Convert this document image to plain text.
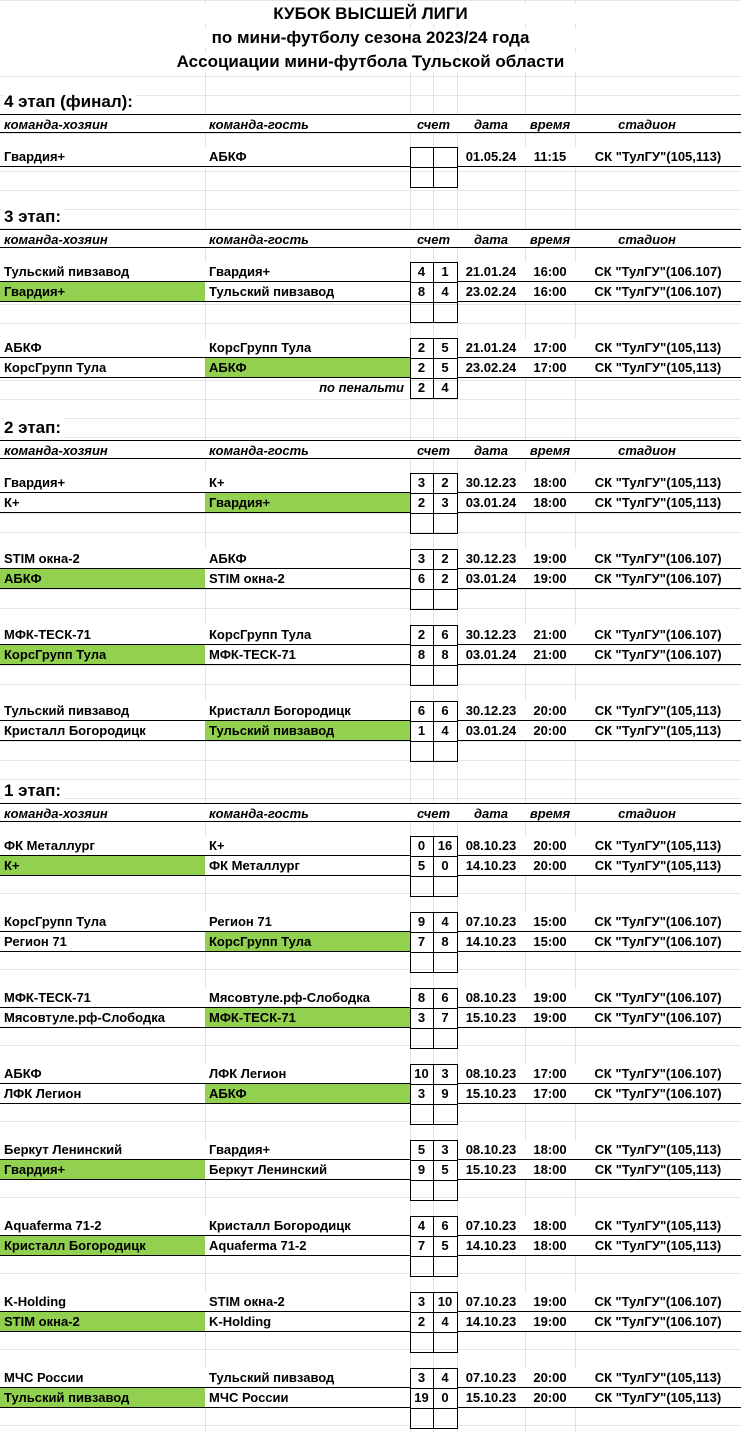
КУБОК ВЫСШЕЙ ЛИГИ
по мини-футболу сезона 2023/24 года
Ассоциации мини-футбола Тульской области
4 этап (финал):
команда-хозяин	команда-гость	счет	дата	время	стадион
Гвардия+	АБКФ	01.05.24	11:15	СК "ТулГУ"(105,113)
3 этап:
команда-хозяин	команда-гость	счет	дата	время	стадион
Тульский пивзавод	Гвардия+	4	1	21.01.24	16:00	СК "ТулГУ"(106.107)
Гвардия+	Тульский пивзавод	8	4	23.02.24	16:00	СК "ТулГУ"(106.107)
АБКФ	КорсГрупп Тула	2	5	21.01.24	17:00	СК "ТулГУ"(105,113)
КорсГрупп Тула	АБКФ	2	5	23.02.24	17:00	СК "ТулГУ"(105,113)
по пенальти	2	4
2 этап:
команда-хозяин	команда-гость	счет	дата	время	стадион
Гвардия+	К+	3	2	30.12.23	18:00	СК "ТулГУ"(105,113)
К+	Гвардия+	2	3	03.01.24	18:00	СК "ТулГУ"(105,113)
STIM окна-2	АБКФ	3	2	30.12.23	19:00	СК "ТулГУ"(106.107)
АБКФ	STIM окна-2	6	2	03.01.24	19:00	СК "ТулГУ"(106.107)
МФК-ТЕСК-71	КорсГрупп Тула	2	6	30.12.23	21:00	СК "ТулГУ"(106.107)
КорсГрупп Тула	МФК-ТЕСК-71	8	8	03.01.24	21:00	СК "ТулГУ"(106.107)
Тульский пивзавод	Кристалл Богородицк	6	6	30.12.23	20:00	СК "ТулГУ"(105,113)
Кристалл Богородицк	Тульский пивзавод	1	4	03.01.24	20:00	СК "ТулГУ"(105,113)
1 этап:
команда-хозяин	команда-гость	счет	дата	время	стадион
ФК Металлург	К+	0 16	08.10.23	20:00	СК "ТулГУ"(105,113)
К+	ФК Металлург	5	0	14.10.23	20:00	СК "ТулГУ"(105,113)
КорсГрупп Тула	Регион 71	9	4	07.10.23	15:00	СК "ТулГУ"(106.107)
Регион 71	КорсГрупп Тула	7	8	14.10.23	15:00	СК "ТулГУ"(106.107)
МФК-ТЕСК-71	Мясовтуле.рф-Слободка	8	6	08.10.23	19:00	СК "ТулГУ"(106.107)
Мясовтуле.рф-Слободка	МФК-ТЕСК-71	3	7	15.10.23	19:00	СК "ТулГУ"(106.107)
АБКФ	ЛФК Легион	10 3	08.10.23	17:00	СК "ТулГУ"(106.107)
ЛФК Легион	АБКФ	3	9	15.10.23	17:00	СК "ТулГУ"(106.107)
Беркут Ленинский	Гвардия+	5	3	08.10.23	18:00	СК "ТулГУ"(105,113)
Гвардия+	Беркут Ленинский	9	5	15.10.23	18:00	СК "ТулГУ"(105,113)
Aquaferma 71-2	Кристалл Богородицк	4	6	07.10.23	18:00	СК "ТулГУ"(105,113)
Кристалл Богородицк	Aquaferma 71-2	7	5	14.10.23	18:00	СК "ТулГУ"(105,113)
K-Holding	STIM окна-2	3 10	07.10.23	19:00	СК "ТулГУ"(106.107)
STIM окна-2	K-Holding	2	4	14.10.23	19:00	СК "ТулГУ"(106.107)
МЧС России	Тульский пивзавод	3	4	07.10.23	20:00	СК "ТулГУ"(105,113)
Тульский пивзавод	МЧС России	19 0	15.10.23	20:00	СК "ТулГУ"(105,113)
